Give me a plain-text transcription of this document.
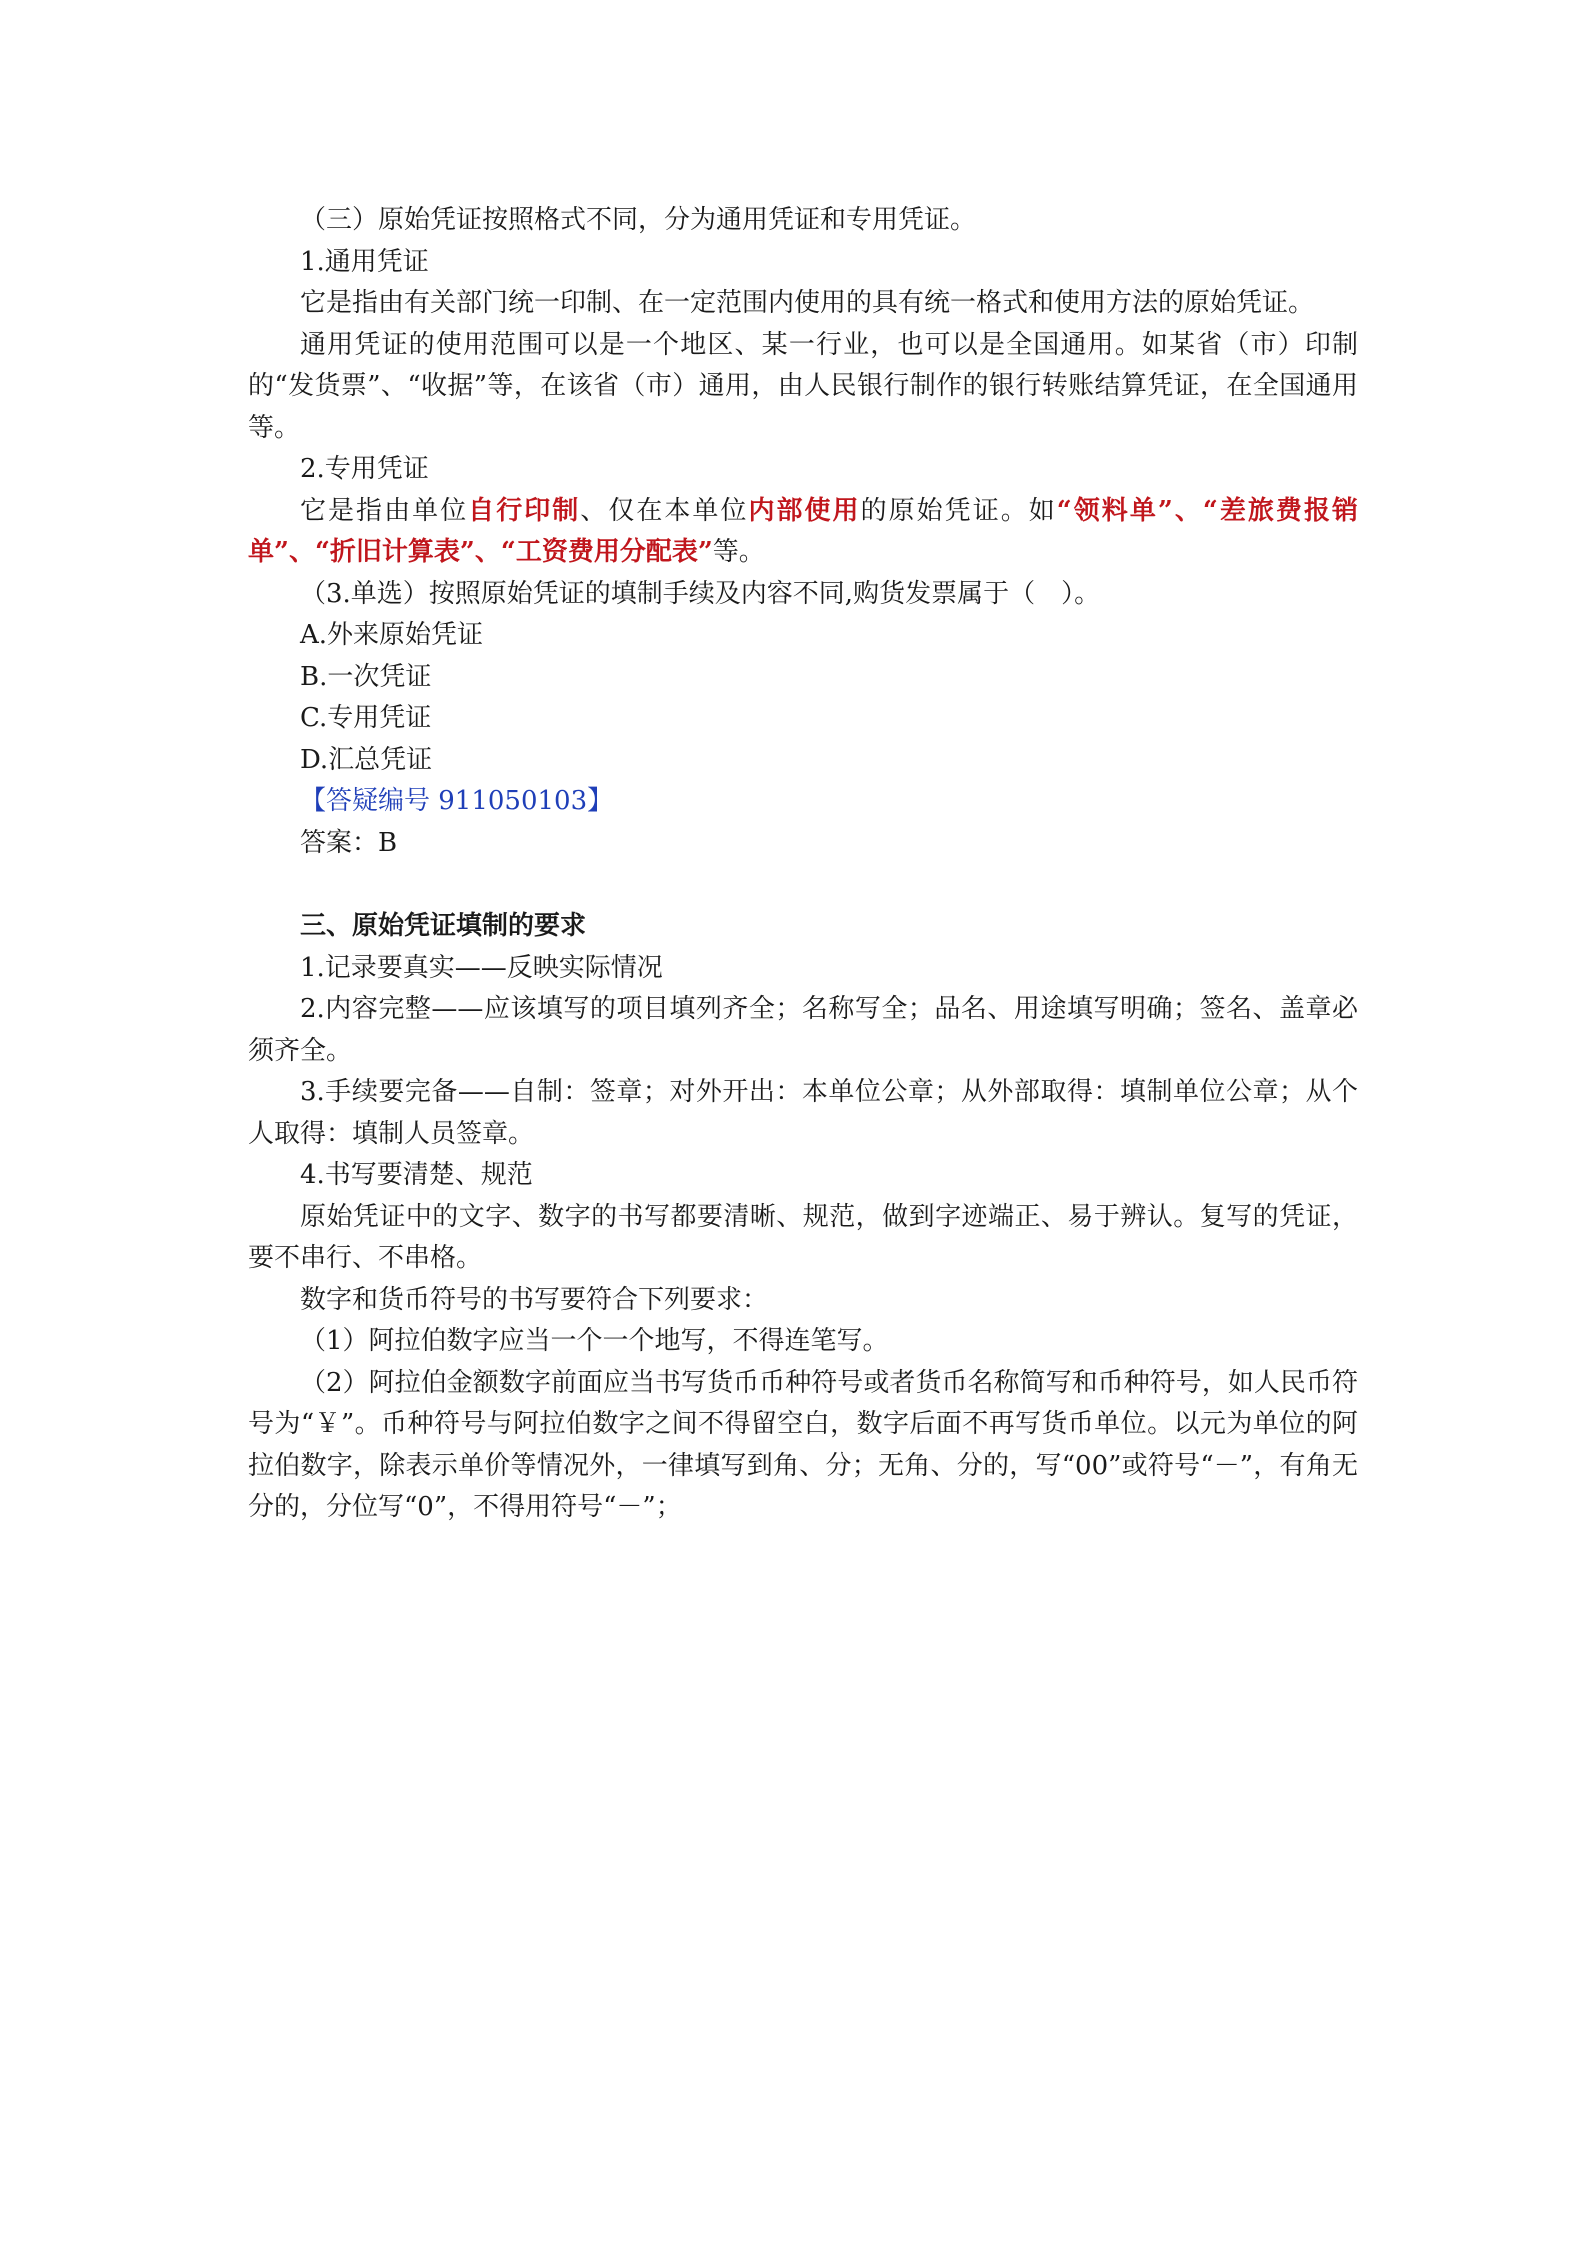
（三）原始凭证按照格式不同，分为通用凭证和专用凭证。

1.通用凭证

它是指由有关部门统一印制、在一定范围内使用的具有统一格式和使用方法的原始凭证。

通用凭证的使用范围可以是一个地区、某一行业，也可以是全国通用。如某省（市）印制的“发货票”、“收据”等，在该省（市）通用，由人民银行制作的银行转账结算凭证，在全国通用等。

2.专用凭证

它是指由单位自行印制、仅在本单位内部使用的原始凭证。如“领料单”、“差旅费报销单”、“折旧计算表”、“工资费用分配表”等。

（3.单选）按照原始凭证的填制手续及内容不同,购货发票属于（　）。

A.外来原始凭证

B.一次凭证

C.专用凭证

D.汇总凭证

【答疑编号 911050103】

答案：B

三、原始凭证填制的要求

1.记录要真实——反映实际情况

2.内容完整——应该填写的项目填列齐全；名称写全；品名、用途填写明确；签名、盖章必须齐全。

3.手续要完备——自制：签章；对外开出：本单位公章；从外部取得：填制单位公章；从个人取得：填制人员签章。

4.书写要清楚、规范

原始凭证中的文字、数字的书写都要清晰、规范，做到字迹端正、易于辨认。复写的凭证，要不串行、不串格。

数字和货币符号的书写要符合下列要求：

（1）阿拉伯数字应当一个一个地写，不得连笔写。

（2）阿拉伯金额数字前面应当书写货币币种符号或者货币名称简写和币种符号，如人民币符号为“￥”。币种符号与阿拉伯数字之间不得留空白，数字后面不再写货币单位。以元为单位的阿拉伯数字，除表示单价等情况外，一律填写到角、分；无角、分的，写“00”或符号“－”，有角无分的，分位写“0”，不得用符号“－”；
